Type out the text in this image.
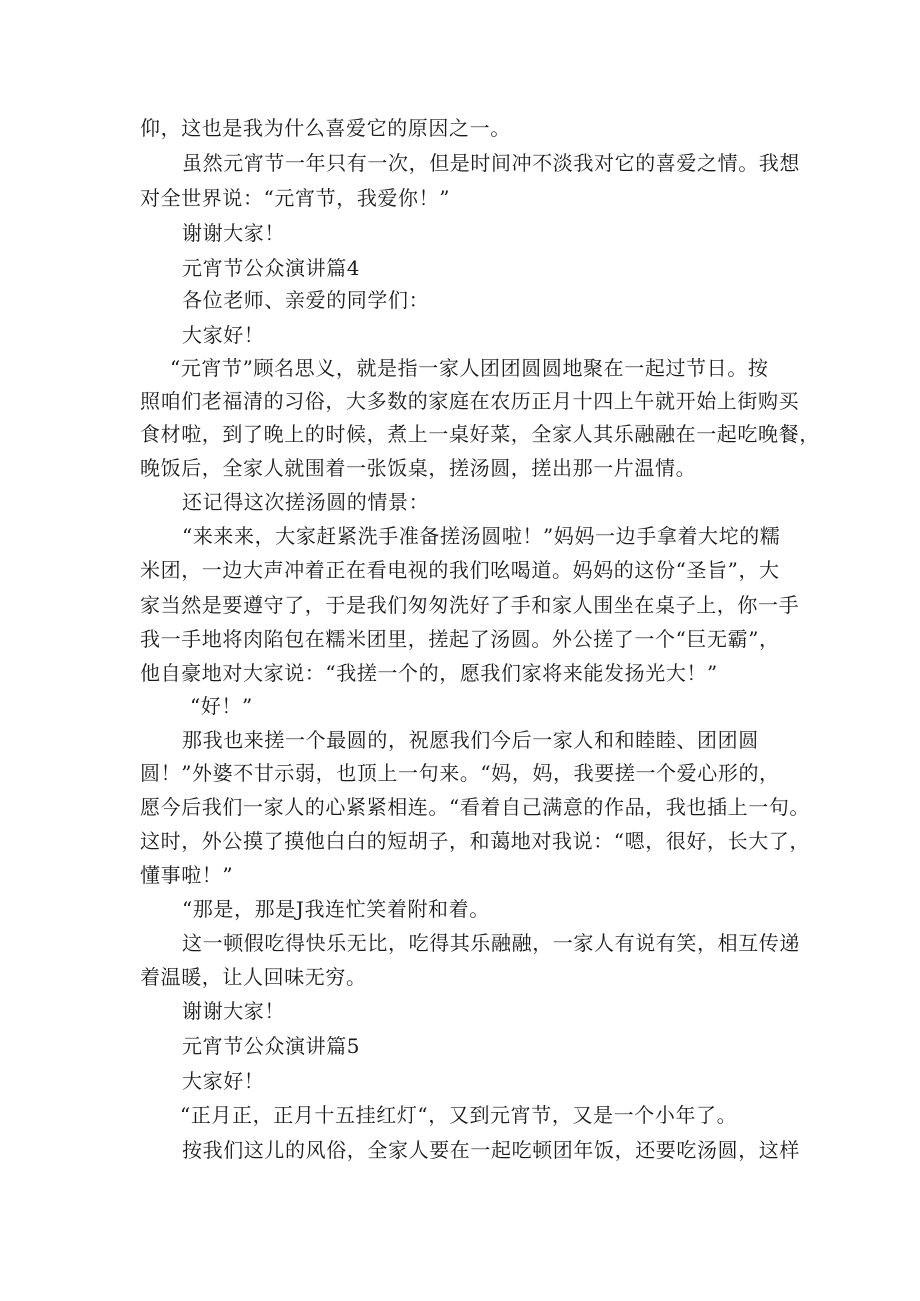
仰，这也是我为什么喜爱它的原因之一。
虽然元宵节一年只有一次，但是时间冲不淡我对它的喜爱之情。我想
对全世界说：“元宵节，我爱你！”
谢谢大家！
元宵节公众演讲篇4
各位老师、亲爱的同学们：
大家好！
“元宵节”顾名思义，就是指一家人团团圆圆地聚在一起过节日。按
照咱们老福清的习俗，大多数的家庭在农历正月十四上午就开始上街购买
食材啦，到了晚上的时候，煮上一桌好菜，全家人其乐融融在一起吃晚餐，
晚饭后，全家人就围着一张饭桌，搓汤圆，搓出那一片温情。
还记得这次搓汤圆的情景：
“来来来，大家赶紧洗手准备搓汤圆啦！”妈妈一边手拿着大坨的糯
米团，一边大声冲着正在看电视的我们吆喝道。妈妈的这份“圣旨”，大
家当然是要遵守了，于是我们匆匆洗好了手和家人围坐在桌子上，你一手
我一手地将肉陷包在糯米团里，搓起了汤圆。外公搓了一个“巨无霸”，
他自豪地对大家说：“我搓一个的，愿我们家将来能发扬光大！”
“好！”
那我也来搓一个最圆的，祝愿我们今后一家人和和睦睦、团团圆
圆！”外婆不甘示弱，也顶上一句来。“妈，妈，我要搓一个爱心形的，
愿今后我们一家人的心紧紧相连。“看着自己满意的作品，我也插上一句。
这时，外公摸了摸他白白的短胡子，和蔼地对我说：“嗯，很好，长大了，
懂事啦！”
“那是，那是J我连忙笑着附和着。
这一顿假吃得快乐无比，吃得其乐融融，一家人有说有笑，相互传递
着温暖，让人回味无穷。
谢谢大家！
元宵节公众演讲篇5
大家好！
“正月正，正月十五挂红灯“，又到元宵节，又是一个小年了。
按我们这儿的风俗，全家人要在一起吃顿团年饭，还要吃汤圆，这样
